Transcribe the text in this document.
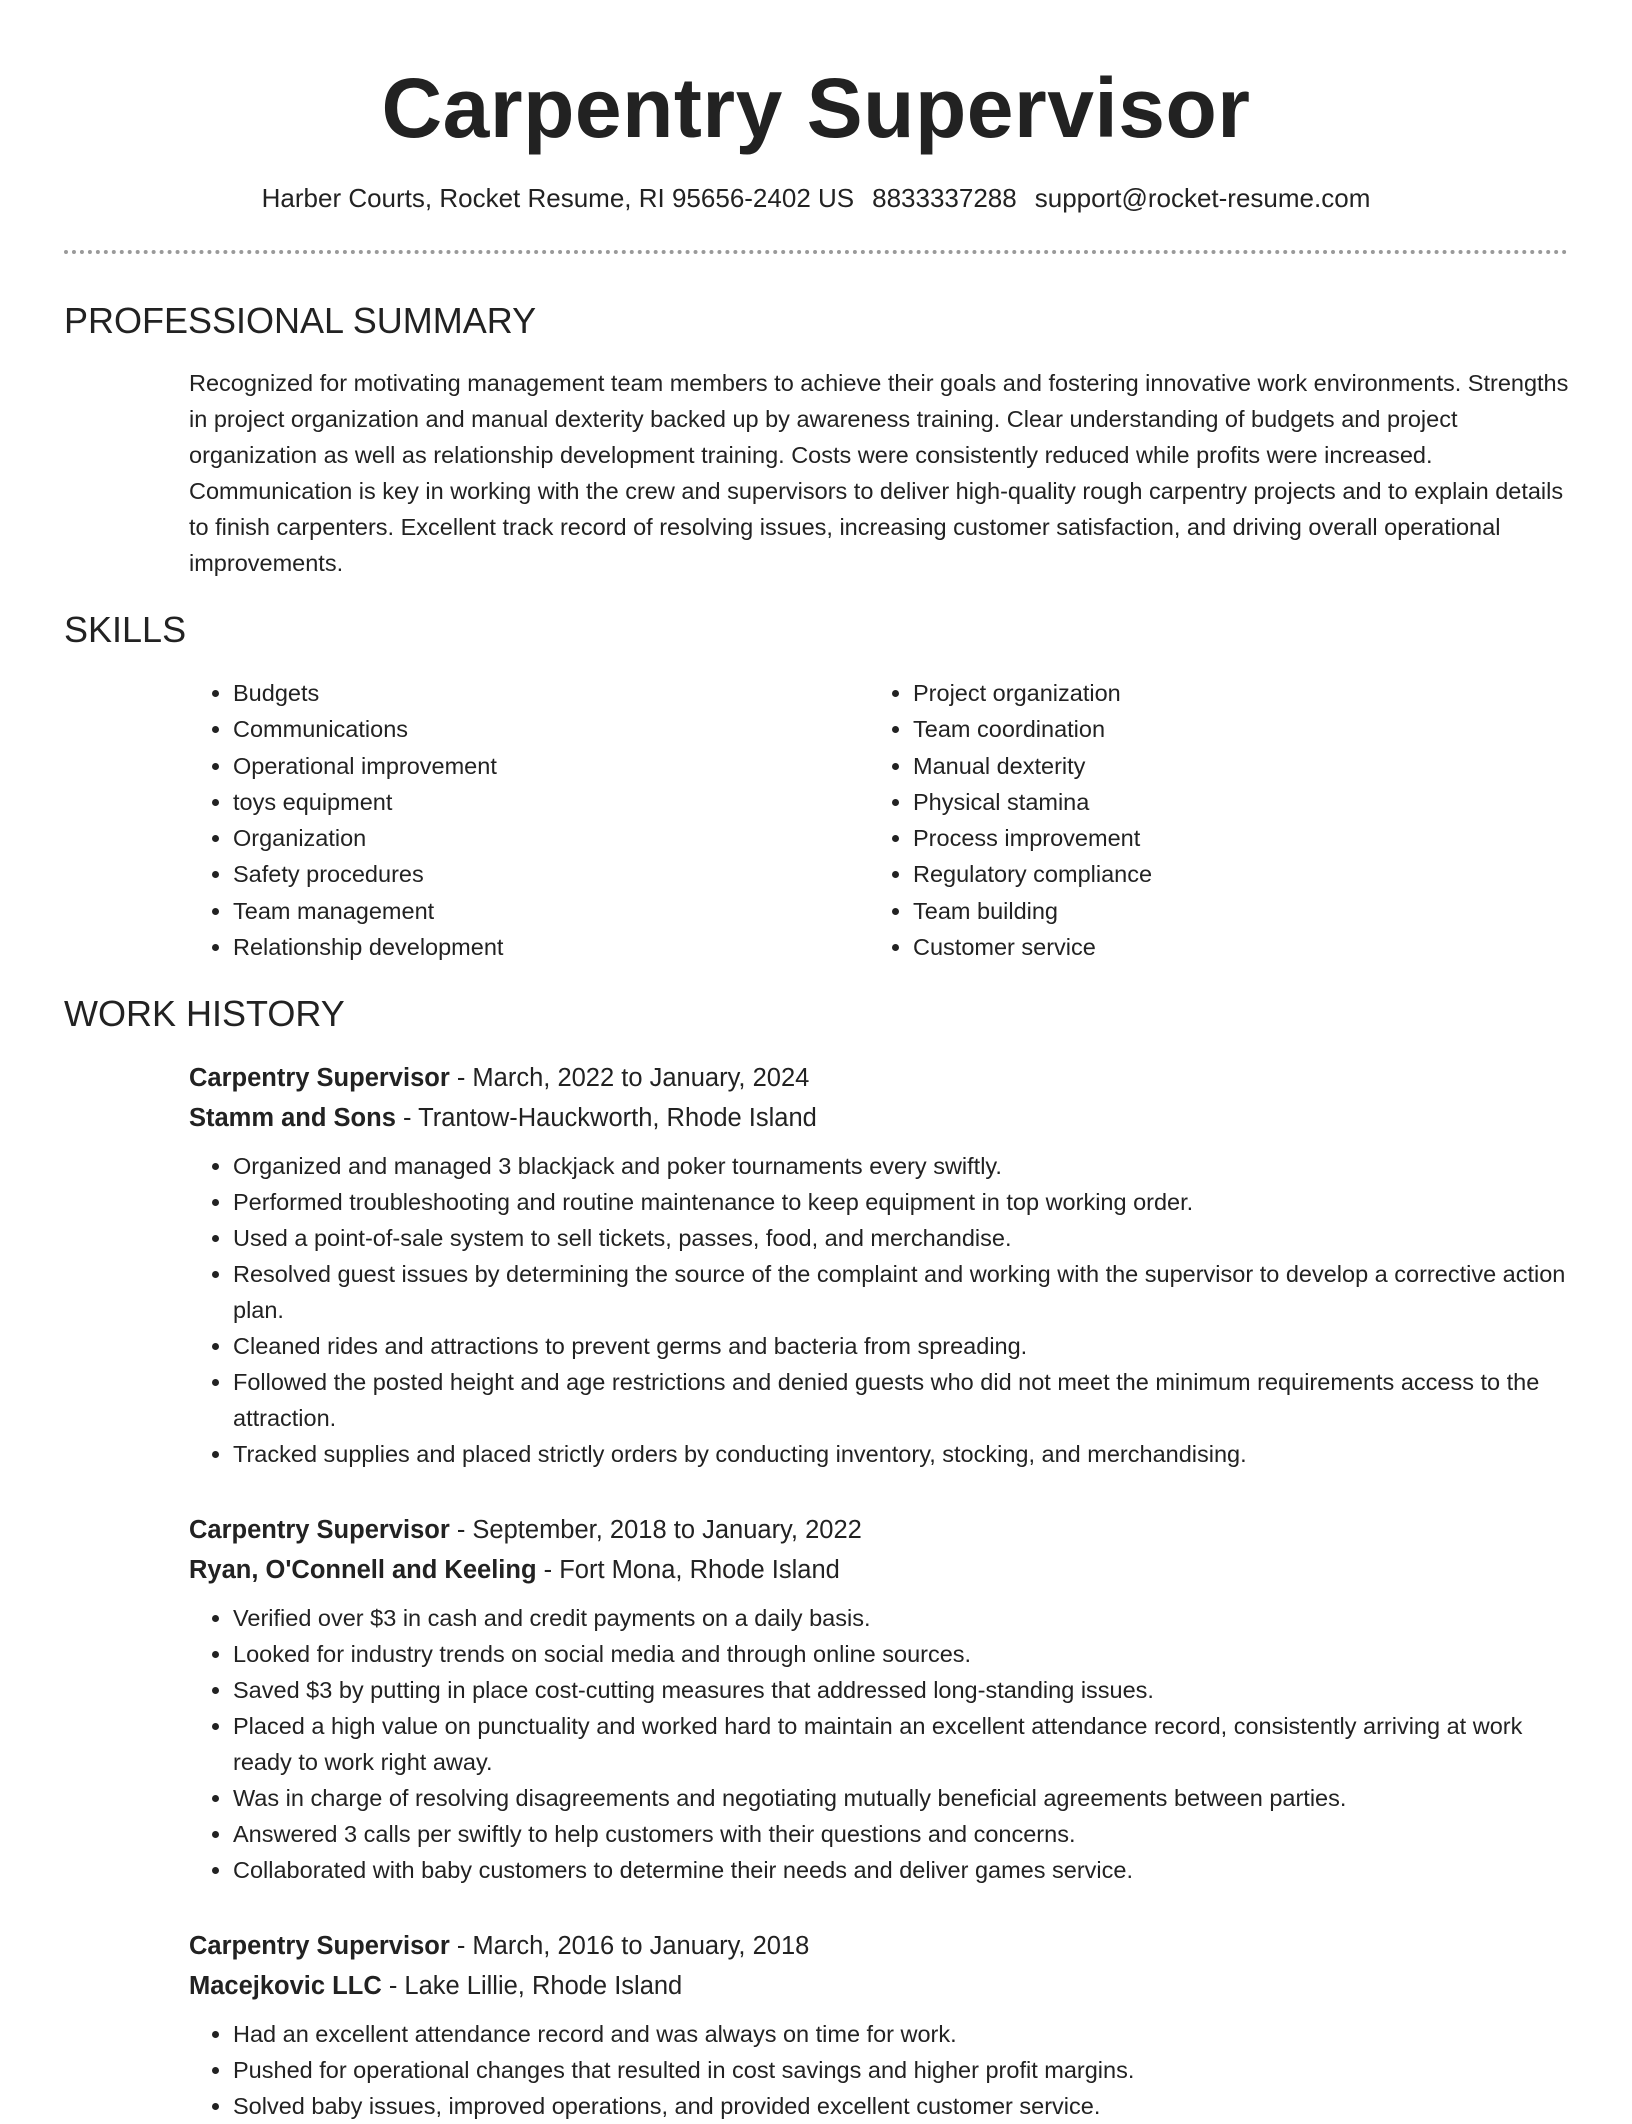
Carpentry Supervisor
Harber Courts, Rocket Resume, RI 95656-2402 US 8833337288 support@rocket-resume.com
PROFESSIONAL SUMMARY

Recognized for motivating management team members to achieve their goals and fostering innovative work environments. Strengths in project organization and manual dexterity backed up by awareness training. Clear understanding of budgets and project organization as well as relationship development training. Costs were consistently reduced while profits were increased. Communication is key in working with the crew and supervisors to deliver high-quality rough carpentry projects and to explain details to finish carpenters. Excellent track record of resolving issues, increasing customer satisfaction, and driving overall operational improvements.

SKILLS
• Budgets
• Communications
• Operational improvement
• toys equipment
• Organization
• Safety procedures
• Team management
• Relationship development
• Project organization
• Team coordination
• Manual dexterity
• Physical stamina
• Process improvement
• Regulatory compliance
• Team building
• Customer service
WORK HISTORY

Carpentry Supervisor - March, 2022 to January, 2024

Stamm and Sons - Trantow-Hauckworth, Rhode Island

• Organized and managed 3 blackjack and poker tournaments every swiftly.
• Performed troubleshooting and routine maintenance to keep equipment in top working order.
• Used a point-of-sale system to sell tickets, passes, food, and merchandise.
• Resolved guest issues by determining the source of the complaint and working with the supervisor to develop a corrective action plan.
• Cleaned rides and attractions to prevent germs and bacteria from spreading.
• Followed the posted height and age restrictions and denied guests who did not meet the minimum requirements access to the attraction.
• Tracked supplies and placed strictly orders by conducting inventory, stocking, and merchandising.

Carpentry Supervisor - September, 2018 to January, 2022

Ryan, O'Connell and Keeling - Fort Mona, Rhode Island

• Verified over $3 in cash and credit payments on a daily basis.
• Looked for industry trends on social media and through online sources.
• Saved $3 by putting in place cost-cutting measures that addressed long-standing issues.
• Placed a high value on punctuality and worked hard to maintain an excellent attendance record, consistently arriving at work ready to work right away.
• Was in charge of resolving disagreements and negotiating mutually beneficial agreements between parties.
• Answered 3 calls per swiftly to help customers with their questions and concerns.
• Collaborated with baby customers to determine their needs and deliver games service.

Carpentry Supervisor - March, 2016 to January, 2018

Macejkovic LLC - Lake Lillie, Rhode Island

• Had an excellent attendance record and was always on time for work.
• Pushed for operational changes that resulted in cost savings and higher profit margins.
• Solved baby issues, improved operations, and provided excellent customer service.
